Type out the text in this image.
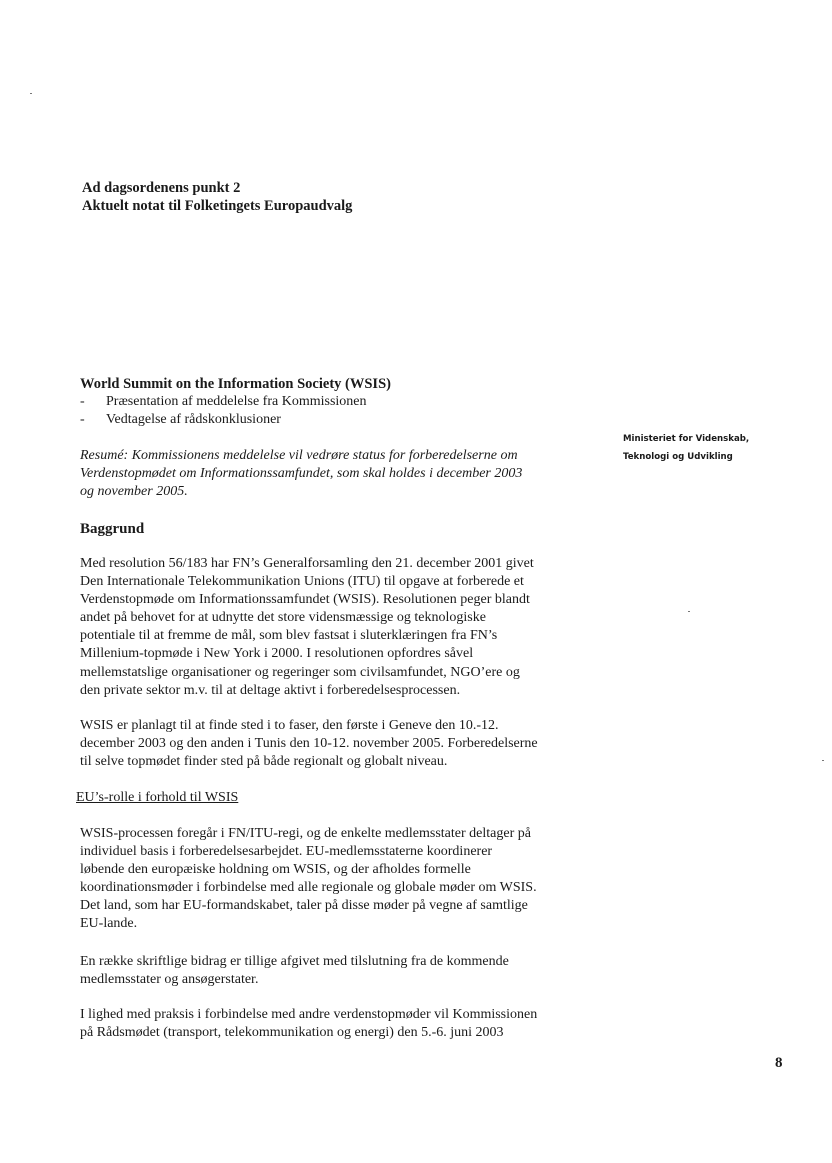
Ad dagsordenens punkt 2
Aktuelt notat til Folketingets Europaudvalg
World Summit on the Information Society (WSIS)
- Præsentation af meddelelse fra Kommissionen
- Vedtagelse af rådskonklusioner
Resumé: Kommissionens meddelelse vil vedrøre status for forberedelserne om
Verdenstopmødet om Informationssamfundet, som skal holdes i december 2003
og november 2005.
Ministeriet for Videnskab,
Teknologi og Udvikling
Baggrund
Med resolution 56/183 har FN’s Generalforsamling den 21. december 2001 givet
Den Internationale Telekommunikation Unions (ITU) til opgave at forberede et
Verdenstopmøde om Informationssamfundet (WSIS). Resolutionen peger blandt
andet på behovet for at udnytte det store vidensmæssige og teknologiske
potentiale til at fremme de mål, som blev fastsat i sluterklæringen fra FN’s
Millenium-topmøde i New York i 2000. I resolutionen opfordres såvel
mellemstatslige organisationer og regeringer som civilsamfundet, NGO’ere og
den private sektor m.v. til at deltage aktivt i forberedelsesprocessen.
WSIS er planlagt til at finde sted i to faser, den første i Geneve den 10.-12.
december 2003 og den anden i Tunis den 10-12. november 2005. Forberedelserne
til selve topmødet finder sted på både regionalt og globalt niveau.
EU’s-rolle i forhold til WSIS
WSIS-processen foregår i FN/ITU-regi, og de enkelte medlemsstater deltager på
individuel basis i forberedelsesarbejdet. EU-medlemsstaterne koordinerer
løbende den europæiske holdning om WSIS, og der afholdes formelle
koordinationsmøder i forbindelse med alle regionale og globale møder om WSIS.
Det land, som har EU-formandskabet, taler på disse møder på vegne af samtlige
EU-lande.
En række skriftlige bidrag er tillige afgivet med tilslutning fra de kommende
medlemsstater og ansøgerstater.
I lighed med praksis i forbindelse med andre verdenstopmøder vil Kommissionen
på Rådsmødet (transport, telekommunikation og energi) den 5.-6. juni 2003
8
